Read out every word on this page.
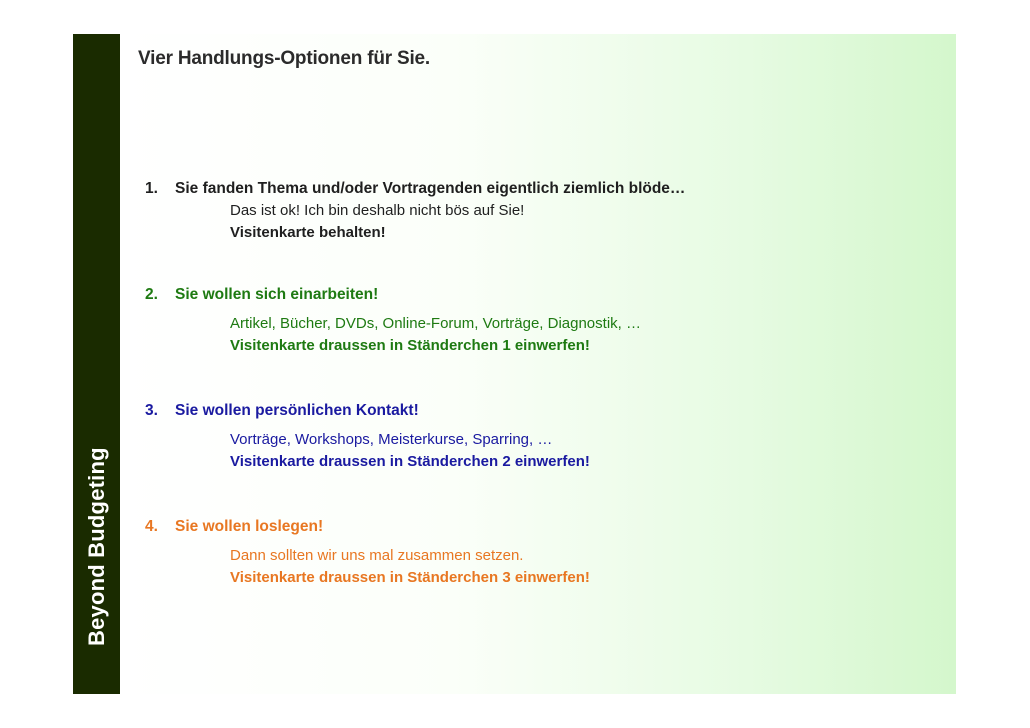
Beyond Budgeting
Vier Handlungs-Optionen für Sie.
1. Sie fanden Thema und/oder Vortragenden eigentlich ziemlich blöde…
Das ist ok! Ich bin deshalb nicht bös auf Sie!
Visitenkarte behalten!
2. Sie wollen sich einarbeiten!
Artikel, Bücher, DVDs, Online-Forum, Vorträge, Diagnostik, …
Visitenkarte draussen in Ständerchen 1 einwerfen!
3. Sie wollen persönlichen Kontakt!
Vorträge, Workshops, Meisterkurse, Sparring, …
Visitenkarte draussen in Ständerchen 2 einwerfen!
4. Sie wollen loslegen!
Dann sollten wir uns mal zusammen setzen.
Visitenkarte draussen in Ständerchen 3 einwerfen!
